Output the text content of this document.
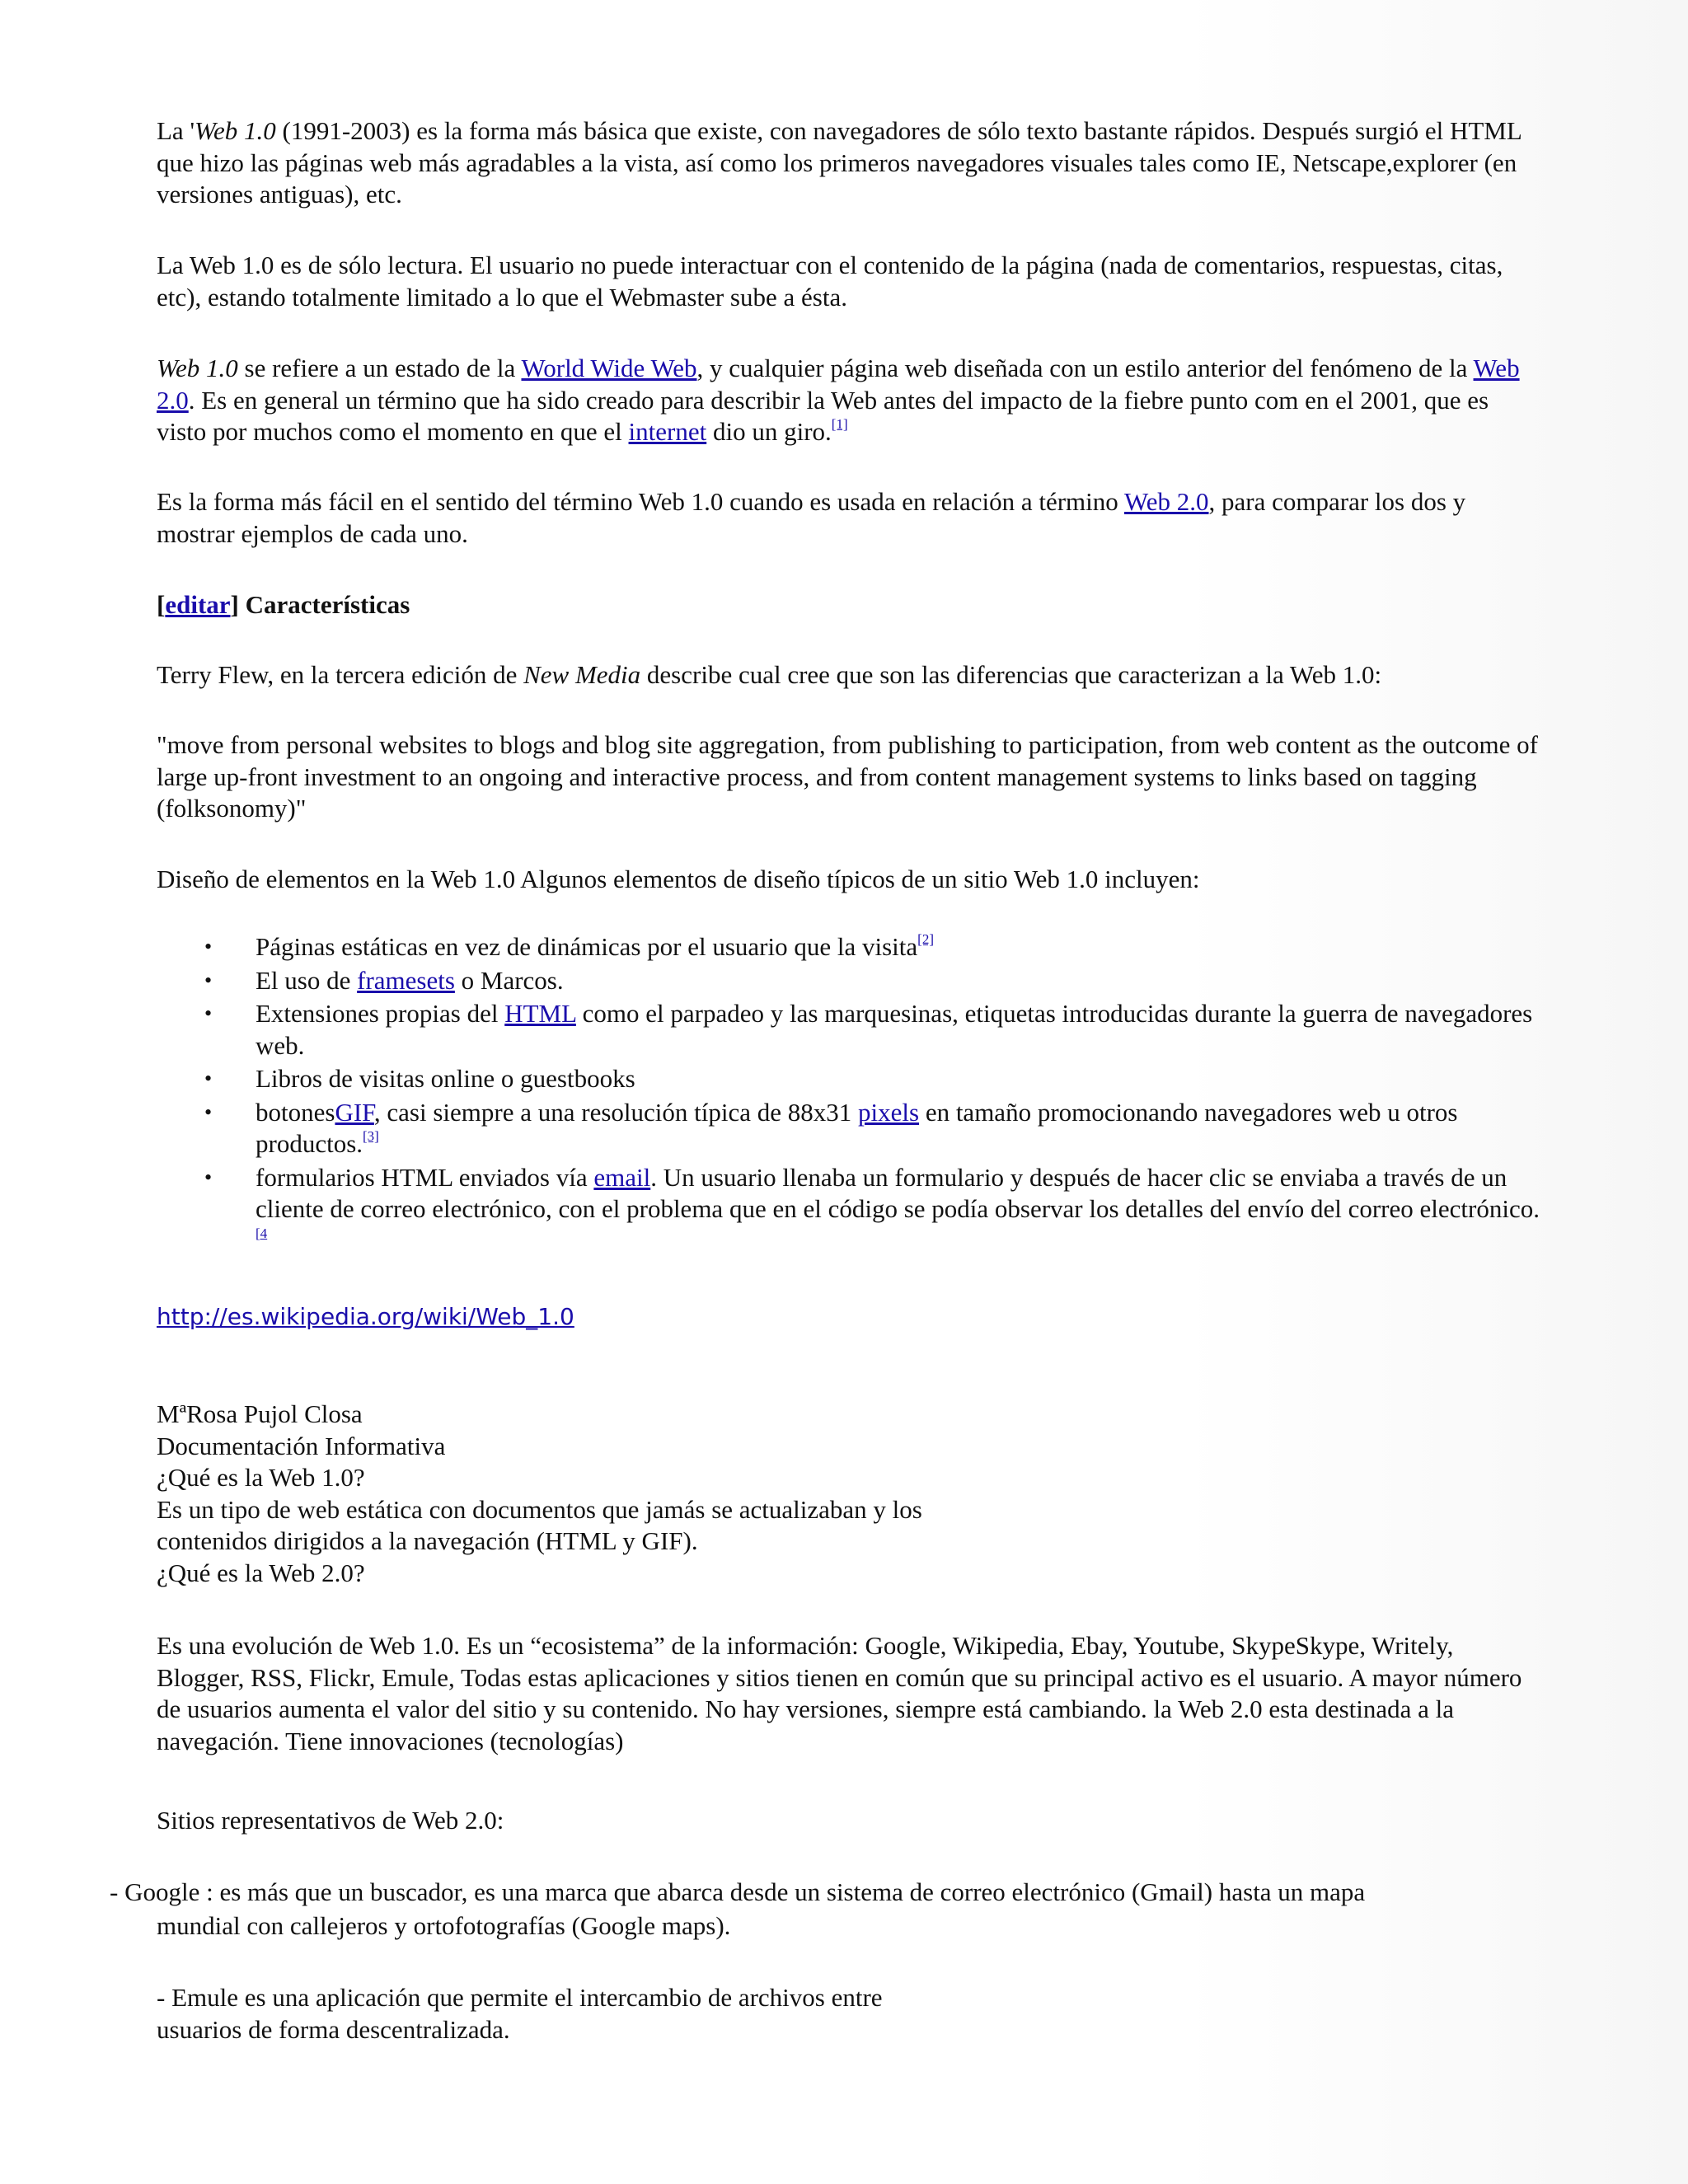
La 'Web 1.0 (1991-2003) es la forma más básica que existe, con navegadores de sólo texto bastante rápidos. Después surgió el HTML que hizo las páginas web más agradables a la vista, así como los primeros navegadores visuales tales como IE, Netscape,explorer (en versiones antiguas), etc.

La Web 1.0 es de sólo lectura. El usuario no puede interactuar con el contenido de la página (nada de comentarios, respuestas, citas, etc), estando totalmente limitado a lo que el Webmaster sube a ésta.

Web 1.0 se refiere a un estado de la World Wide Web, y cualquier página web diseñada con un estilo anterior del fenómeno de la Web 2.0. Es en general un término que ha sido creado para describir la Web antes del impacto de la fiebre punto com en el 2001, que es visto por muchos como el momento en que el internet dio un giro.[1]

Es la forma más fácil en el sentido del término Web 1.0 cuando es usada en relación a término Web 2.0, para comparar los dos y mostrar ejemplos de cada uno.

[editar] Características

Terry Flew, en la tercera edición de New Media describe cual cree que son las diferencias que caracterizan a la Web 1.0:

"move from personal websites to blogs and blog site aggregation, from publishing to participation, from web content as the outcome of large up-front investment to an ongoing and interactive process, and from content management systems to links based on tagging (folksonomy)"

Diseño de elementos en la Web 1.0 Algunos elementos de diseño típicos de un sitio Web 1.0 incluyen:

• Páginas estáticas en vez de dinámicas por el usuario que la visita[2]
• El uso de framesets o Marcos.
• Extensiones propias del HTML como el parpadeo y las marquesinas, etiquetas introducidas durante la guerra de navegadores web.
• Libros de visitas online o guestbooks
• botonesGIF, casi siempre a una resolución típica de 88x31 pixels en tamaño promocionando navegadores web u otros productos.[3]
• formularios HTML enviados vía email. Un usuario llenaba un formulario y después de hacer clic se enviaba a través de un cliente de correo electrónico, con el problema que en el código se podía observar los detalles del envío del correo electrónico.$^{[4}$
http://es.wikipedia.org/wiki/Web_1.0
MªRosa Pujol Closa
Documentación Informativa
¿Qué es la Web 1.0?
Es un tipo de web estática con documentos que jamás se actualizaban y los
contenidos dirigidos a la navegación (HTML y GIF).
¿Qué es la Web 2.0?

Es una evolución de Web 1.0. Es un “ecosistema” de la información: Google, Wikipedia, Ebay, Youtube, SkypeSkype, Writely, Blogger, RSS, Flickr, Emule, Todas estas aplicaciones y sitios tienen en común que su principal activo es el usuario. A mayor número de usuarios aumenta el valor del sitio y su contenido. No hay versiones, siempre está cambiando. la Web 2.0 esta destinada a la navegación. Tiene innovaciones (tecnologías)

Sitios representativos de Web 2.0:

- Google : es más que un buscador, es una marca que abarca desde un sistema de correo electrónico (Gmail) hasta un mapa
mundial con callejeros y ortofotografías (Google maps).
- Emule es una aplicación que permite el intercambio de archivos entre
usuarios de forma descentralizada.
